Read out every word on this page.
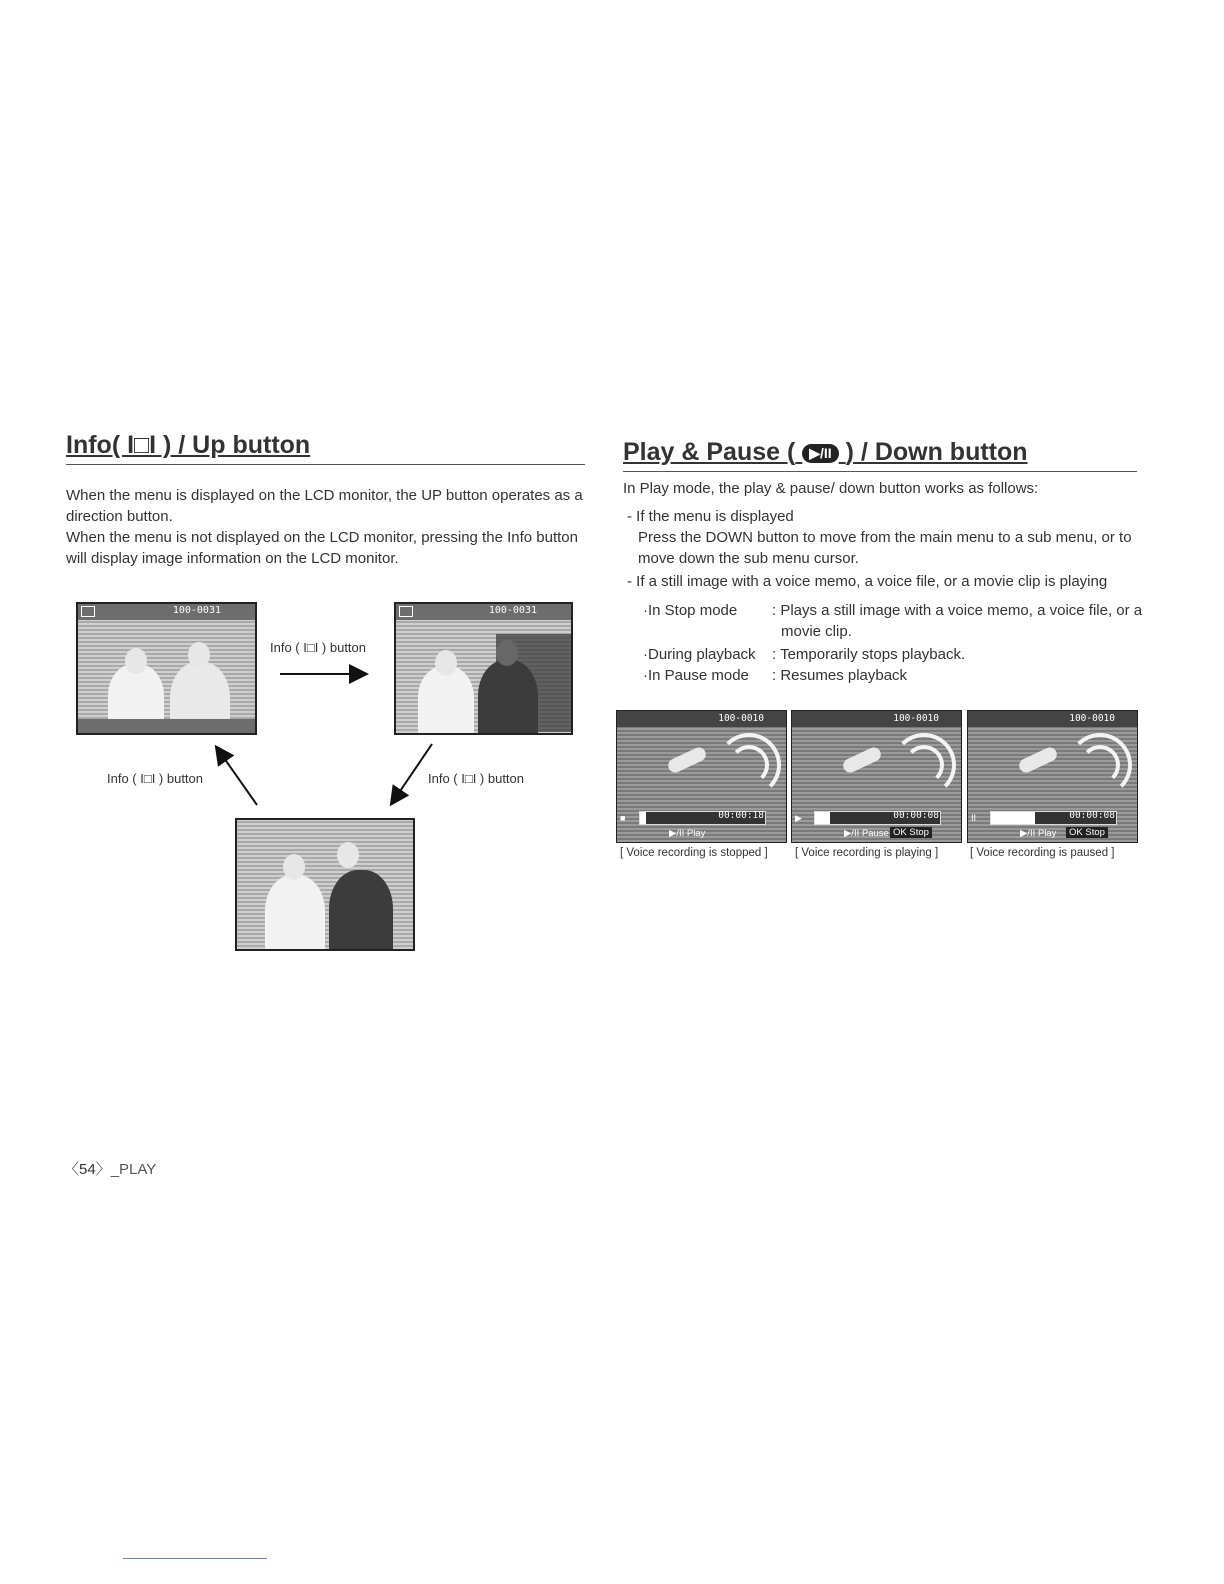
Info( I□I ) / Up button
When the menu is displayed on the LCD monitor, the UP button operates as a direction button.
When the menu is not displayed on the LCD monitor, pressing the Info button will display image information on the LCD monitor.
100-0031	100-0031
Info ( I□I ) button
Info ( I□I ) button	Info ( I□I ) button
Play & Pause ( ▶/II ) / Down button
In Play mode, the play & pause/ down button works as follows:
- If the menu is displayed
Press the DOWN button to move from the main menu to a sub menu, or to move down the sub menu cursor.
- If a still image with a voice memo, a voice file, or a movie clip is playing
·In Stop mode	: Plays a still image with a voice memo, a voice file, or a movie clip.
·During playback	: Temporarily stops playback.
·In Pause mode	: Resumes playback
100-0010
■	00:00:18
▶/II Play
100-0010
▶	00:00:08
▶/II Pause OK Stop
100-0010
II	00:00:08
▶/II Play	OK Stop
[ Voice recording is stopped ] [ Voice recording is playing ]	[ Voice recording is paused ]
〈54〉_PLAY
